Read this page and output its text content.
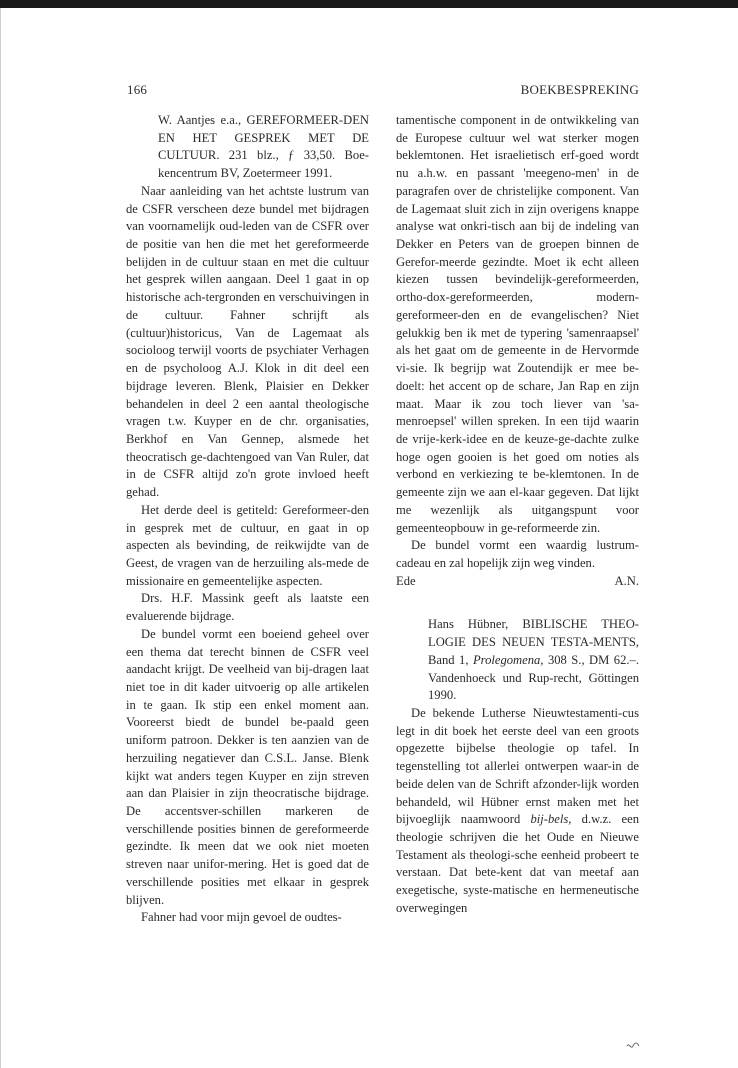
166	BOEKBESPREKING

W. Aantjes e.a., GEREFORMEER-DEN EN HET GESPREK MET DE CULTUUR. 231 blz., ƒ 33,50. Boe-kencentrum BV, Zoetermeer 1991.

Naar aanleiding van het achtste lustrum van de CSFR verscheen deze bundel met bijdragen van voornamelijk oud-leden van de CSFR over de positie van hen die met het gereformeerde belijden in de cultuur staan en met die cultuur het gesprek willen aangaan. Deel 1 gaat in op historische ach-tergronden en verschuivingen in de cultuur. Fahner schrijft als (cultuur)historicus, Van de Lagemaat als socioloog terwijl voorts de psychiater Verhagen en de psycholoog A.J. Klok in dit deel een bijdrage leveren. Blenk, Plaisier en Dekker behandelen in deel 2 een aantal theologische vragen t.w. Kuyper en de chr. organisaties, Berkhof en Van Gennep, alsmede het theocratisch ge-dachtengoed van Van Ruler, dat in de CSFR altijd zo'n grote invloed heeft gehad.

Het derde deel is getiteld: Gereformeer-den in gesprek met de cultuur, en gaat in op aspecten als bevinding, de reikwijdte van de Geest, de vragen van de herzuiling als-mede de missionaire en gemeentelijke aspecten.

Drs. H.F. Massink geeft als laatste een evaluerende bijdrage.

De bundel vormt een boeiend geheel over een thema dat terecht binnen de CSFR veel aandacht krijgt. De veelheid van bij-dragen laat niet toe in dit kader uitvoerig op alle artikelen in te gaan. Ik stip een enkel moment aan. Vooreerst biedt de bundel be-paald geen uniform patroon. Dekker is ten aanzien van de herzuiling negatiever dan C.S.L. Janse. Blenk kijkt wat anders tegen Kuyper en zijn streven aan dan Plaisier in zijn theocratische bijdrage. De accentsver-schillen markeren de verschillende posities binnen de gereformeerde gezindte. Ik meen dat we ook niet moeten streven naar unifor-mering. Het is goed dat de verschillende posities met elkaar in gesprek blijven.

Fahner had voor mijn gevoel de oudtes-

tamentische component in de ontwikkeling van de Europese cultuur wel wat sterker mogen beklemtonen. Het israelietisch erf-goed wordt nu a.h.w. en passant 'meegeno-men' in de paragrafen over de christelijke component. Van de Lagemaat sluit zich in zijn overigens knappe analyse wat onkri-tisch aan bij de indeling van Dekker en Peters van de groepen binnen de Gerefor-meerde gezindte. Moet ik echt alleen kiezen tussen bevindelijk-gereformeerden, ortho-dox-gereformeerden, modern-gereformeer-den en de evangelischen? Niet gelukkig ben ik met de typering 'samenraapsel' als het gaat om de gemeente in de Hervormde vi-sie. Ik begrijp wat Zoutendijk er mee be-doelt: het accent op de schare, Jan Rap en zijn maat. Maar ik zou toch liever van 'sa-menroepsel' willen spreken. In een tijd waarin de vrije-kerk-idee en de keuze-ge-dachte zulke hoge ogen gooien is het goed om noties als verbond en verkiezing te be-klemtonen. In de gemeente zijn we aan el-kaar gegeven. Dat lijkt me wezenlijk als uitgangspunt voor gemeenteopbouw in ge-reformeerde zin.

De bundel vormt een waardig lustrum-cadeau en zal hopelijk zijn weg vinden.

Ede	A.N.

Hans Hübner, BIBLISCHE THEO-LOGIE DES NEUEN TESTA-MENTS, Band 1, Prolegomena, 308 S., DM 62.–. Vandenhoeck und Rup-recht, Göttingen 1990.

De bekende Lutherse Nieuwtestamenti-cus legt in dit boek het eerste deel van een groots opgezette bijbelse theologie op tafel. In tegenstelling tot allerlei ontwerpen waar-in de beide delen van de Schrift afzonder-lijk worden behandeld, wil Hübner ernst maken met het bijvoeglijk naamwoord bij-bels, d.w.z. een theologie schrijven die het Oude en Nieuwe Testament als theologi-sche eenheid probeert te verstaan. Dat bete-kent dat van meetaf aan exegetische, syste-matische en hermeneutische overwegingen
